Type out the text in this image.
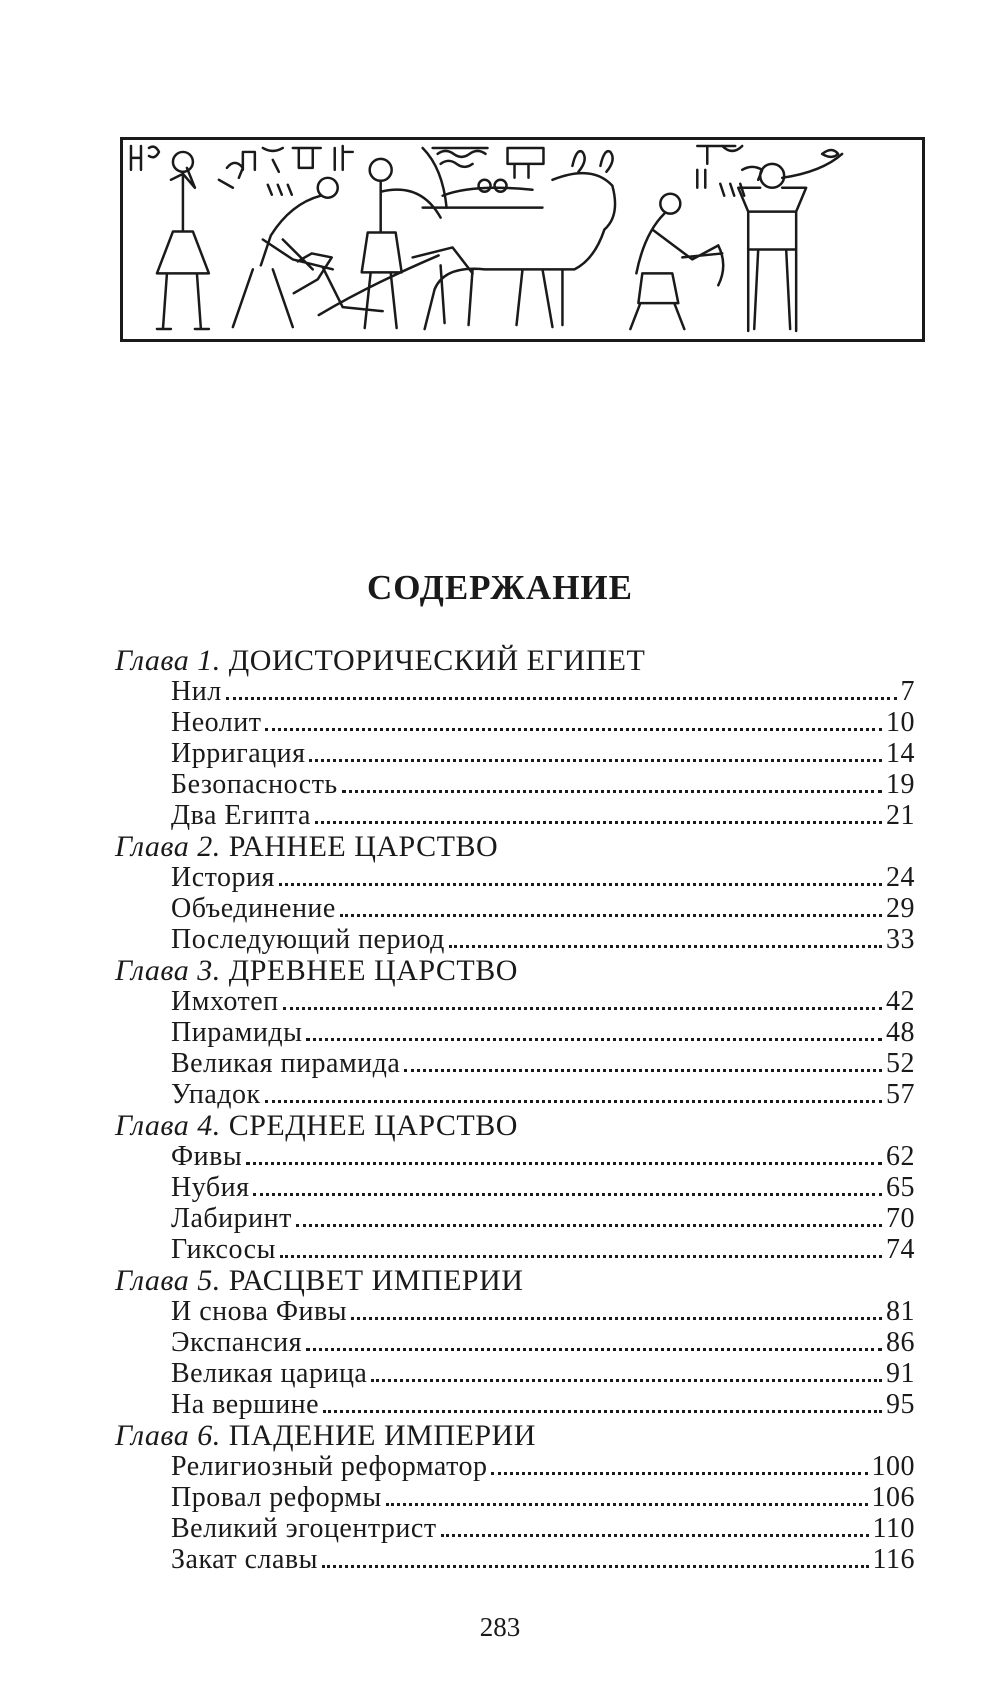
СОДЕРЖАНИЕ
Глава 1. ДОИСТОРИЧЕСКИЙ ЕГИПЕТ
Нил	7
Неолит	10
Ирригация	14
Безопасность	19
Два Египта	21
Глава 2. РАННЕЕ ЦАРСТВО
История	24
Объединение	29
Последующий период	33
Глава 3. ДРЕВНЕЕ ЦАРСТВО
Имхотеп	42
Пирамиды	48
Великая пирамида	52
Упадок	57
Глава 4. СРЕДНЕЕ ЦАРСТВО
Фивы	62
Нубия	65
Лабиринт	70
Гиксосы	74
Глава 5. РАСЦВЕТ ИМПЕРИИ
И снова Фивы	81
Экспансия	86
Великая царица	91
На вершине	95
Глава 6. ПАДЕНИЕ ИМПЕРИИ
Религиозный реформатор	100
Провал реформы	106
Великий эгоцентрист	110
Закат славы	116
283
